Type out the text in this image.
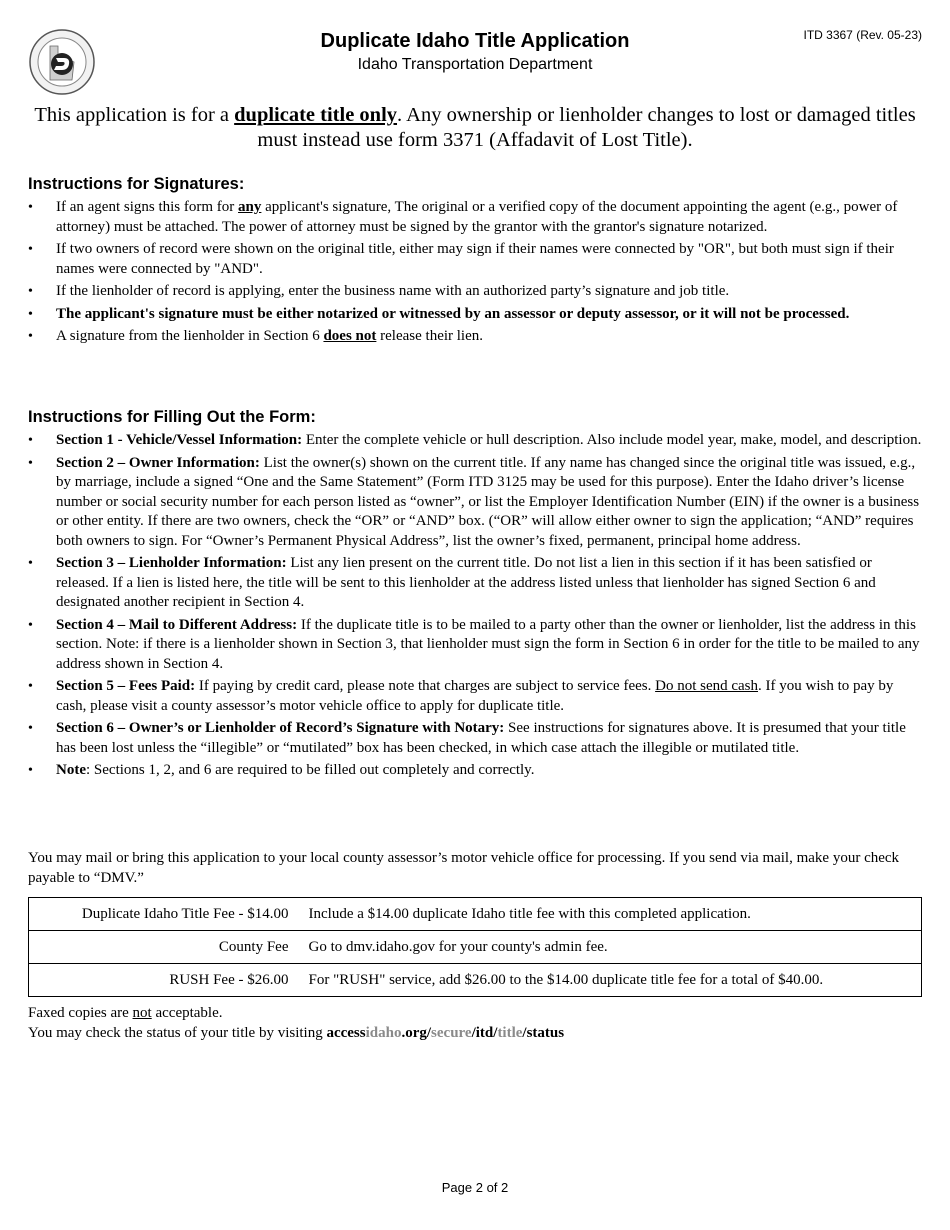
Duplicate Idaho Title Application
Idaho Transportation Department
ITD 3367 (Rev. 05-23)
This application is for a duplicate title only. Any ownership or lienholder changes to lost or damaged titles must instead use form 3371 (Affadavit of Lost Title).
Instructions for Signatures:
• If an agent signs this form for any applicant's signature, The original or a verified copy of the document appointing the agent (e.g., power of attorney) must be attached. The power of attorney must be signed by the grantor with the grantor's signature notarized.
• If two owners of record were shown on the original title, either may sign if their names were connected by "OR", but both must sign if their names were connected by "AND".
• If the lienholder of record is applying, enter the business name with an authorized party’s signature and job title.
• The applicant's signature must be either notarized or witnessed by an assessor or deputy assessor, or it will not be processed.
• A signature from the lienholder in Section 6 does not release their lien.
Instructions for Filling Out the Form:
• Section 1 - Vehicle/Vessel Information: Enter the complete vehicle or hull description. Also include model year, make, model, and description.
• Section 2 – Owner Information: List the owner(s) shown on the current title. If any name has changed since the original title was issued, e.g., by marriage, include a signed “One and the Same Statement” (Form ITD 3125 may be used for this purpose). Enter the Idaho driver’s license number or social security number for each person listed as “owner”, or list the Employer Identification Number (EIN) if the owner is a business or other entity. If there are two owners, check the “OR” or “AND” box. (“OR” will allow either owner to sign the application; “AND” requires both owners to sign. For “Owner’s Permanent Physical Address”, list the owner’s fixed, permanent, principal home address.
• Section 3 – Lienholder Information: List any lien present on the current title. Do not list a lien in this section if it has been satisfied or released. If a lien is listed here, the title will be sent to this lienholder at the address listed unless that lienholder has signed Section 6 and designated another recipient in Section 4.
• Section 4 – Mail to Different Address: If the duplicate title is to be mailed to a party other than the owner or lienholder, list the address in this section. Note: if there is a lienholder shown in Section 3, that lienholder must sign the form in Section 6 in order for the title to be mailed to any address shown in Section 4.
• Section 5 – Fees Paid: If paying by credit card, please note that charges are subject to service fees. Do not send cash. If you wish to pay by cash, please visit a county assessor’s motor vehicle office to apply for duplicate title.
• Section 6 – Owner’s or Lienholder of Record’s Signature with Notary: See instructions for signatures above. It is presumed that your title has been lost unless the “illegible” or “mutilated” box has been checked, in which case attach the illegible or mutilated title.
• Note: Sections 1, 2, and 6 are required to be filled out completely and correctly.
You may mail or bring this application to your local county assessor’s motor vehicle office for processing. If you send via mail, make your check payable to “DMV.”
Duplicate Idaho Title Fee - $14.00	Include a $14.00 duplicate Idaho title fee with this completed application.
County Fee	Go to dmv.idaho.gov for your county's admin fee.
RUSH Fee - $26.00	For "RUSH" service, add $26.00 to the $14.00 duplicate title fee for a total of $40.00.
Faxed copies are not acceptable.
You may check the status of your title by visiting accessidaho.org/secure/itd/title/status
Page 2 of 2
